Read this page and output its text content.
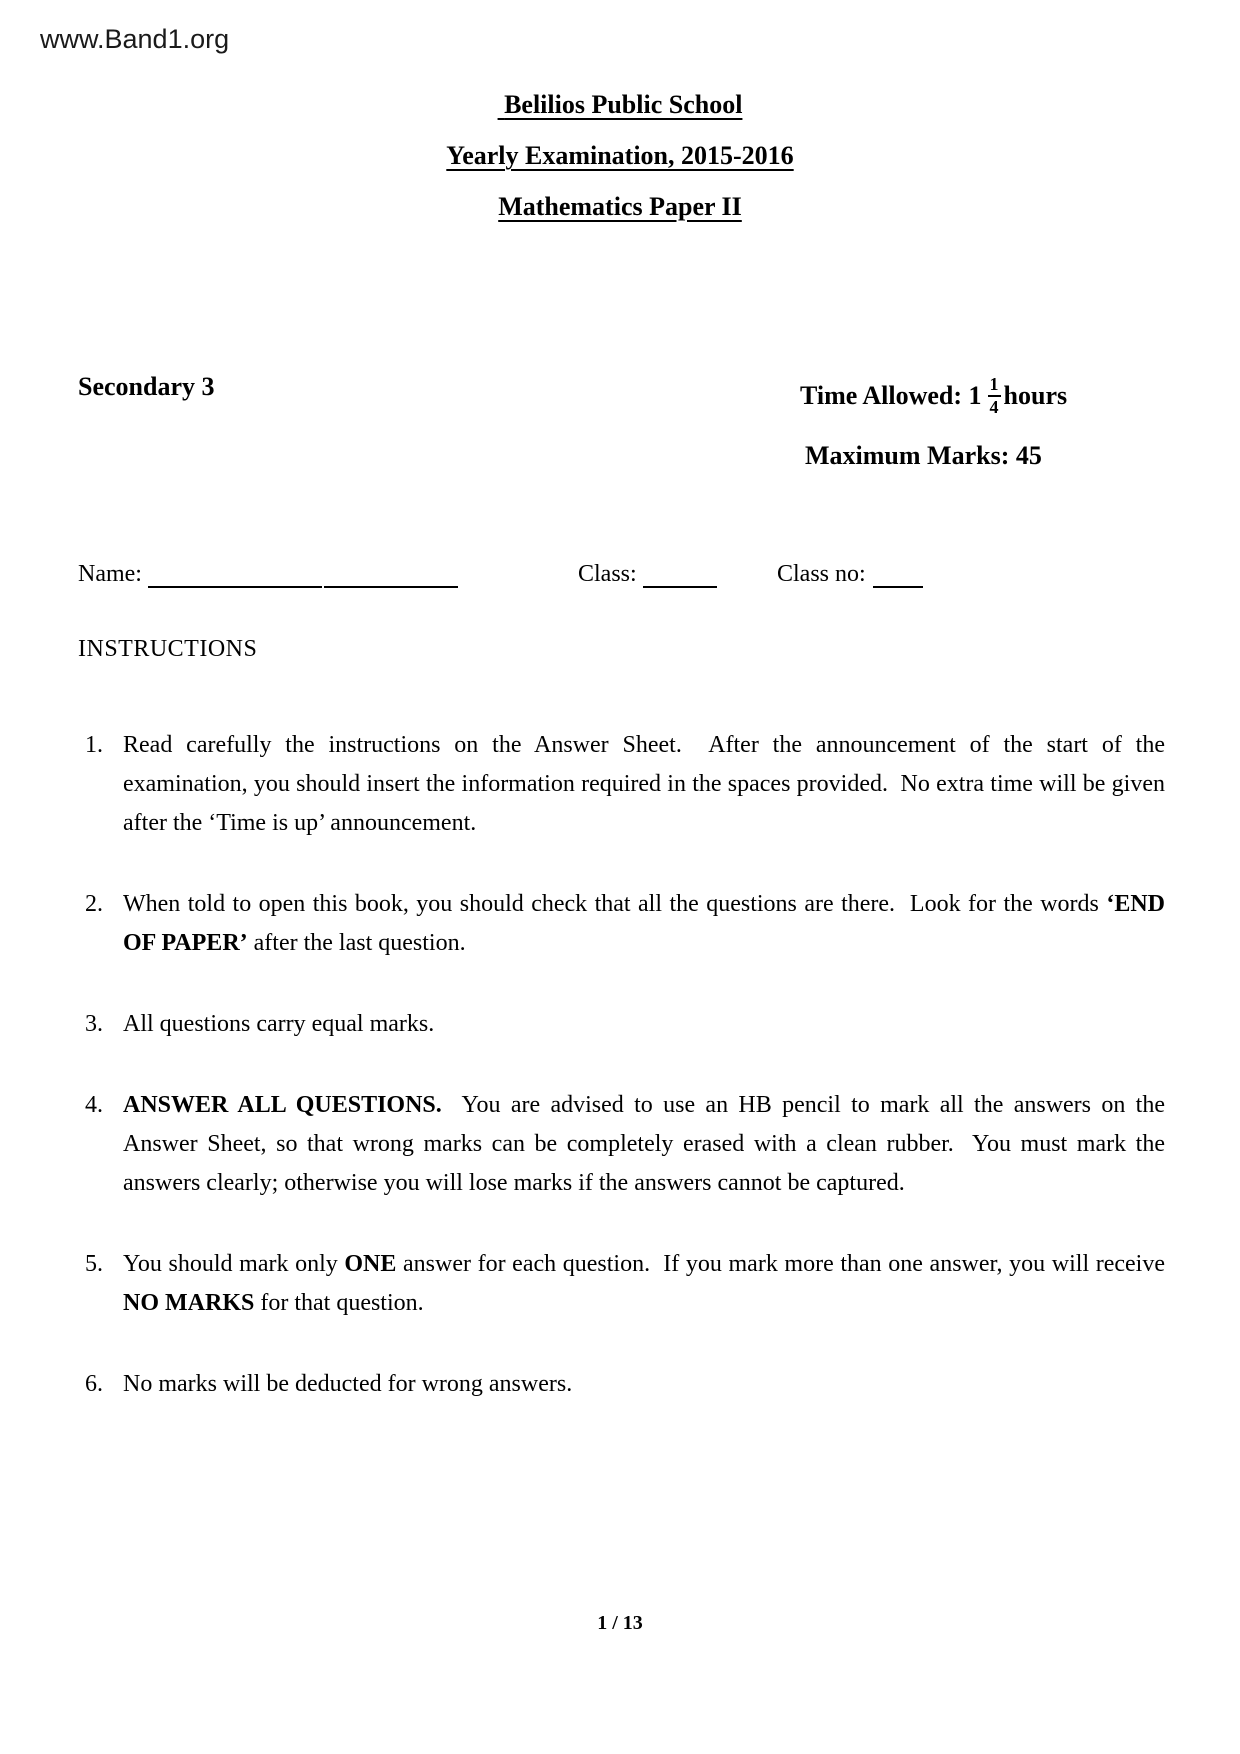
www.Band1.org
Belilios Public School
Yearly Examination, 2015-2016
Mathematics Paper II
Secondary 3	Time Allowed: $1 \frac{1}{4}$ hours
Maximum Marks: 45
Name:	Class:	Class no:
INSTRUCTIONS
1. Read carefully the instructions on the Answer Sheet.  After the announcement of the start of the examination, you should insert the information required in the spaces provided.  No extra time will be given after the ‘Time is up’ announcement.
2. When told to open this book, you should check that all the questions are there.  Look for the words ‘END OF PAPER’ after the last question.
3. All questions carry equal marks.
4. ANSWER ALL QUESTIONS.  You are advised to use an HB pencil to mark all the answers on the Answer Sheet, so that wrong marks can be completely erased with a clean rubber.  You must mark the answers clearly; otherwise you will lose marks if the answers cannot be captured.
5. You should mark only ONE answer for each question.  If you mark more than one answer, you will receive NO MARKS for that question.
6. No marks will be deducted for wrong answers.
1 / 13
